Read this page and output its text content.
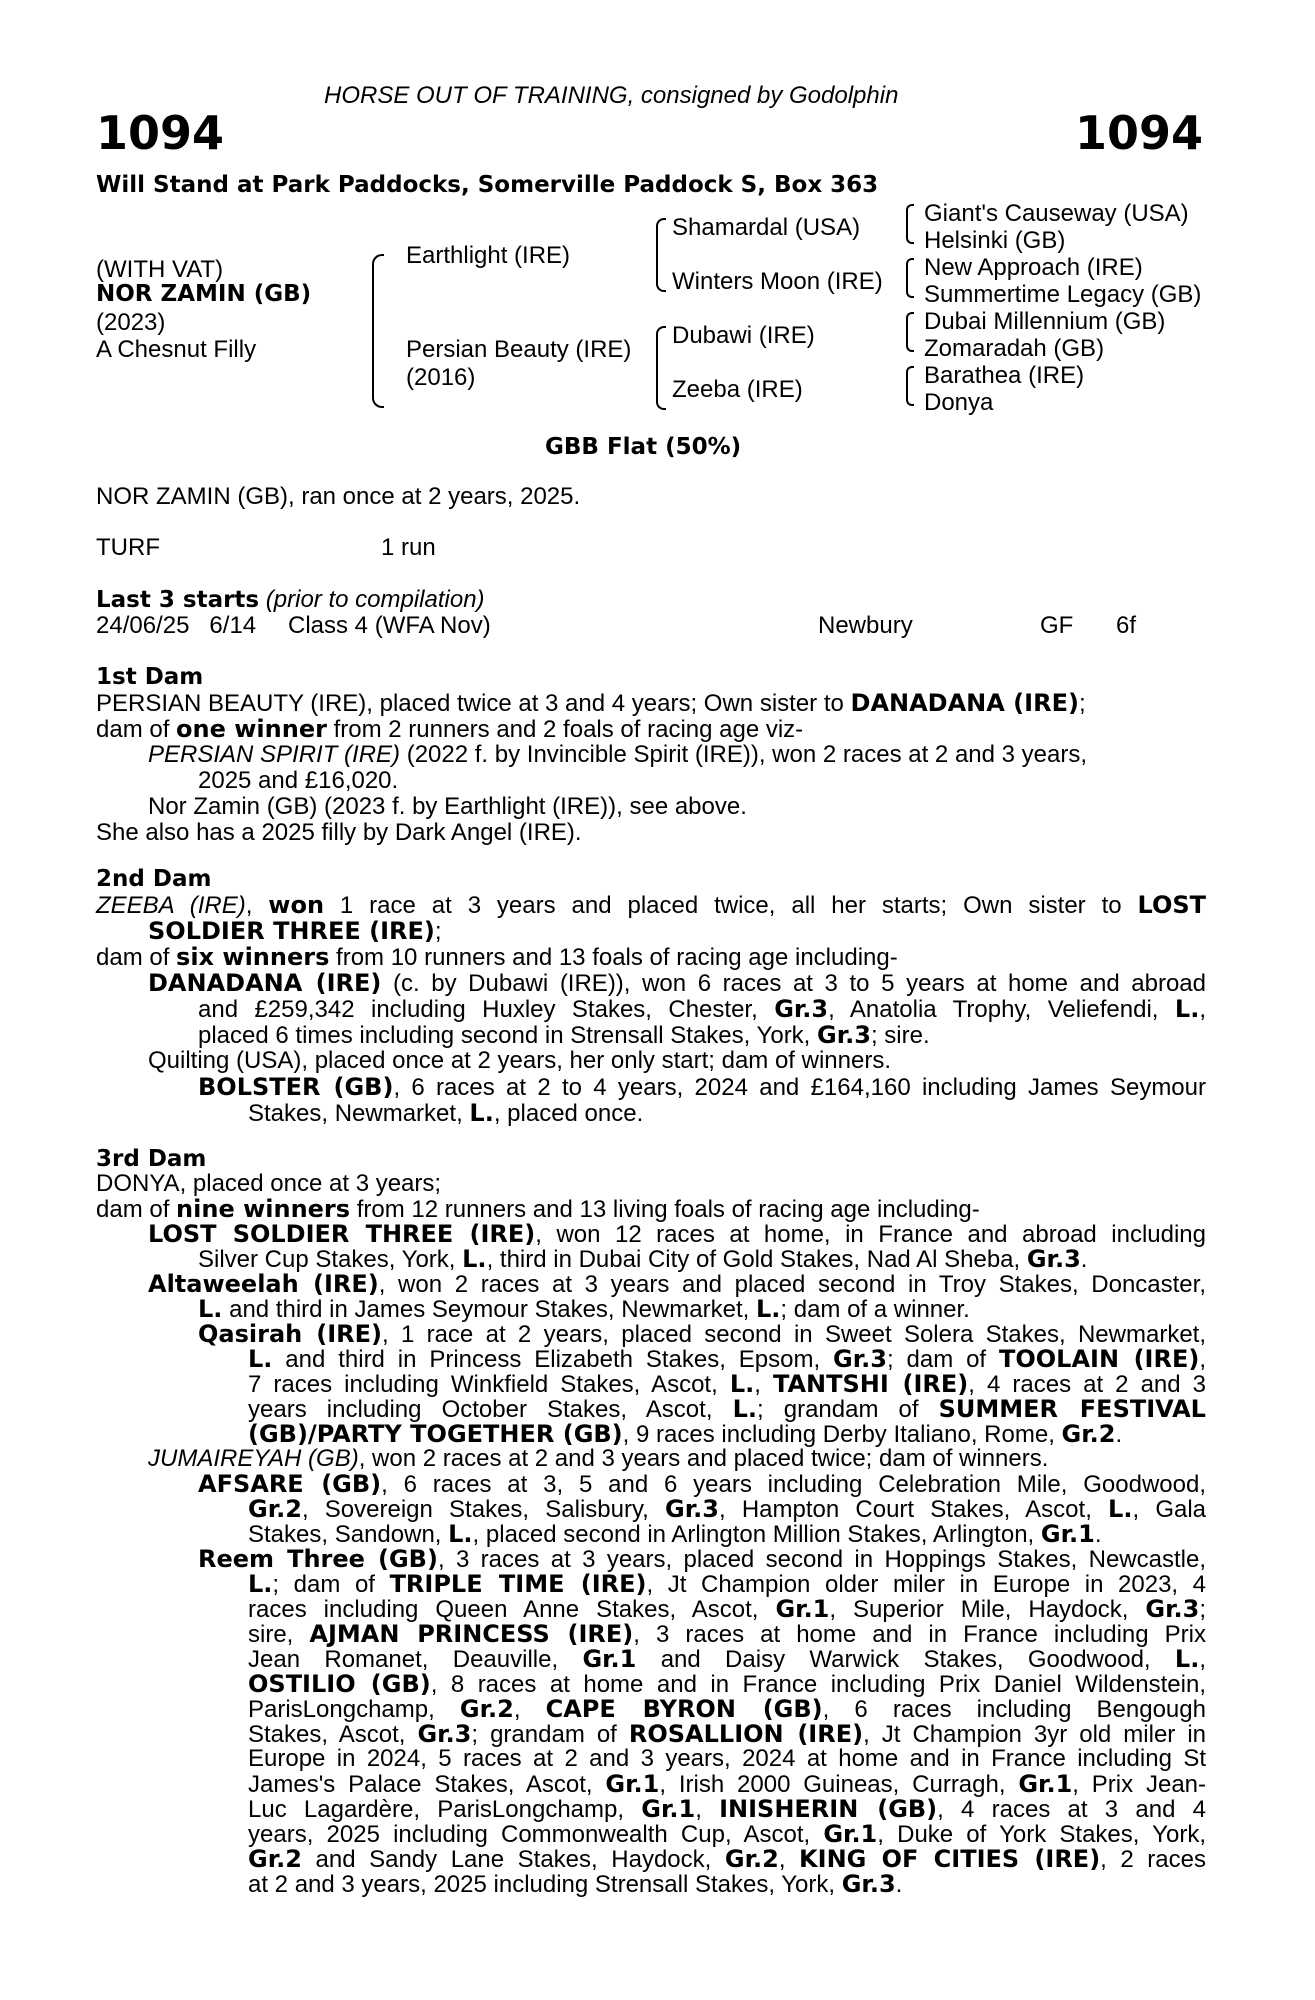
HORSE OUT OF TRAINING, consigned by Godolphin
1094	1094
Will Stand at Park Paddocks, Somerville Paddock S, Box 363
(WITH VAT)
NOR ZAMIN (GB)
(2023)
A Chesnut Filly
Earthlight (IRE)
Persian Beauty (IRE)
(2016)
Shamardal (USA)
Winters Moon (IRE)
Dubawi (IRE)
Zeeba (IRE)
Giant's Causeway (USA)
Helsinki (GB)
New Approach (IRE)
Summertime Legacy (GB)
Dubai Millennium (GB)
Zomaradah (GB)
Barathea (IRE)
Donya
GBB Flat (50%)
NOR ZAMIN (GB), ran once at 2 years, 2025.
TURF	1 run
Last 3 starts (prior to compilation)
24/06/25   6/14 Class 4 (WFA Nov)	Newbury	GF 6f
1st Dam
PERSIAN BEAUTY (IRE), placed twice at 3 and 4 years; Own sister to DANADANA (IRE);
dam of one winner from 2 runners and 2 foals of racing age viz-
PERSIAN SPIRIT (IRE) (2022 f. by Invincible Spirit (IRE)), won 2 races at 2 and 3 years,
2025 and £16,020.
Nor Zamin (GB) (2023 f. by Earthlight (IRE)), see above.
She also has a 2025 filly by Dark Angel (IRE).
2nd Dam
ZEEBA (IRE), won 1 race at 3 years and placed twice, all her starts; Own sister to LOST
SOLDIER THREE (IRE);
dam of six winners from 10 runners and 13 foals of racing age including-
DANADANA (IRE) (c. by Dubawi (IRE)), won 6 races at 3 to 5 years at home and abroad
and £259,342 including Huxley Stakes, Chester, Gr.3, Anatolia Trophy, Veliefendi, L.,
placed 6 times including second in Strensall Stakes, York, Gr.3; sire.
Quilting (USA), placed once at 2 years, her only start; dam of winners.
BOLSTER (GB), 6 races at 2 to 4 years, 2024 and £164,160 including James Seymour
Stakes, Newmarket, L., placed once.
3rd Dam
DONYA, placed once at 3 years;
dam of nine winners from 12 runners and 13 living foals of racing age including-
LOST SOLDIER THREE (IRE), won 12 races at home, in France and abroad including
Silver Cup Stakes, York, L., third in Dubai City of Gold Stakes, Nad Al Sheba, Gr.3.
Altaweelah (IRE), won 2 races at 3 years and placed second in Troy Stakes, Doncaster,
L. and third in James Seymour Stakes, Newmarket, L.; dam of a winner.
Qasirah (IRE), 1 race at 2 years, placed second in Sweet Solera Stakes, Newmarket,
L. and third in Princess Elizabeth Stakes, Epsom, Gr.3; dam of TOOLAIN (IRE),
7 races including Winkfield Stakes, Ascot, L., TANTSHI (IRE), 4 races at 2 and 3
years including October Stakes, Ascot, L.; grandam of SUMMER FESTIVAL
(GB)/PARTY TOGETHER (GB), 9 races including Derby Italiano, Rome, Gr.2.
JUMAIREYAH (GB), won 2 races at 2 and 3 years and placed twice; dam of winners.
AFSARE (GB), 6 races at 3, 5 and 6 years including Celebration Mile, Goodwood,
Gr.2, Sovereign Stakes, Salisbury, Gr.3, Hampton Court Stakes, Ascot, L., Gala
Stakes, Sandown, L., placed second in Arlington Million Stakes, Arlington, Gr.1.
Reem Three (GB), 3 races at 3 years, placed second in Hoppings Stakes, Newcastle,
L.; dam of TRIPLE TIME (IRE), Jt Champion older miler in Europe in 2023, 4
races including Queen Anne Stakes, Ascot, Gr.1, Superior Mile, Haydock, Gr.3;
sire, AJMAN PRINCESS (IRE), 3 races at home and in France including Prix
Jean Romanet, Deauville, Gr.1 and Daisy Warwick Stakes, Goodwood, L.,
OSTILIO (GB), 8 races at home and in France including Prix Daniel Wildenstein,
ParisLongchamp, Gr.2, CAPE BYRON (GB), 6 races including Bengough
Stakes, Ascot, Gr.3; grandam of ROSALLION (IRE), Jt Champion 3yr old miler in
Europe in 2024, 5 races at 2 and 3 years, 2024 at home and in France including St
James's Palace Stakes, Ascot, Gr.1, Irish 2000 Guineas, Curragh, Gr.1, Prix Jean-
Luc Lagardère, ParisLongchamp, Gr.1, INISHERIN (GB), 4 races at 3 and 4
years, 2025 including Commonwealth Cup, Ascot, Gr.1, Duke of York Stakes, York,
Gr.2 and Sandy Lane Stakes, Haydock, Gr.2, KING OF CITIES (IRE), 2 races
at 2 and 3 years, 2025 including Strensall Stakes, York, Gr.3.
